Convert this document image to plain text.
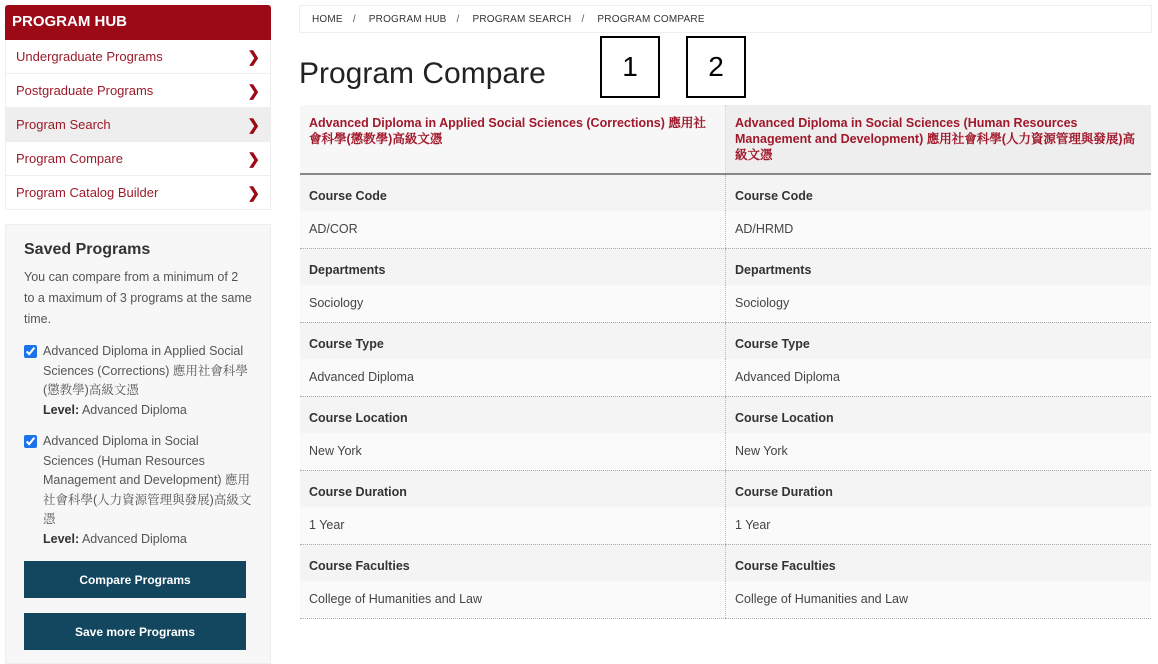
PROGRAM HUB
Undergraduate Programs	❯
Postgraduate Programs	❯
Program Search	❯
Program Compare	❯
Program Catalog Builder	❯
Saved Programs

You can compare from a minimum of 2 to a maximum of 3 programs at the same time.

Advanced Diploma in Applied Social Sciences (Corrections) 應用社會科學(懲教學)高級文憑
Level: Advanced Diploma
Advanced Diploma in Social Sciences (Human Resources Management and Development) 應用社會科學(人力資源管理與發展)高級文憑
Level: Advanced Diploma
Compare Programs
Save more Programs
HOME / PROGRAM HUB / PROGRAM SEARCH / PROGRAM COMPARE
Program Compare
Advanced Diploma in Applied Social Sciences (Corrections) 應用社會科學(懲教學)高級文憑	Advanced Diploma in Social Sciences (Human Resources Management and Development) 應用社會科學(人力資源管理與發展)高級文憑
Course Code	Course Code
AD/COR	AD/HRMD
Departments	Departments
Sociology	Sociology
Course Type	Course Type
Advanced Diploma	Advanced Diploma
Course Location	Course Location
New York	New York
Course Duration	Course Duration
1 Year	1 Year
Course Faculties	Course Faculties
College of Humanities and Law	College of Humanities and Law
1	2
